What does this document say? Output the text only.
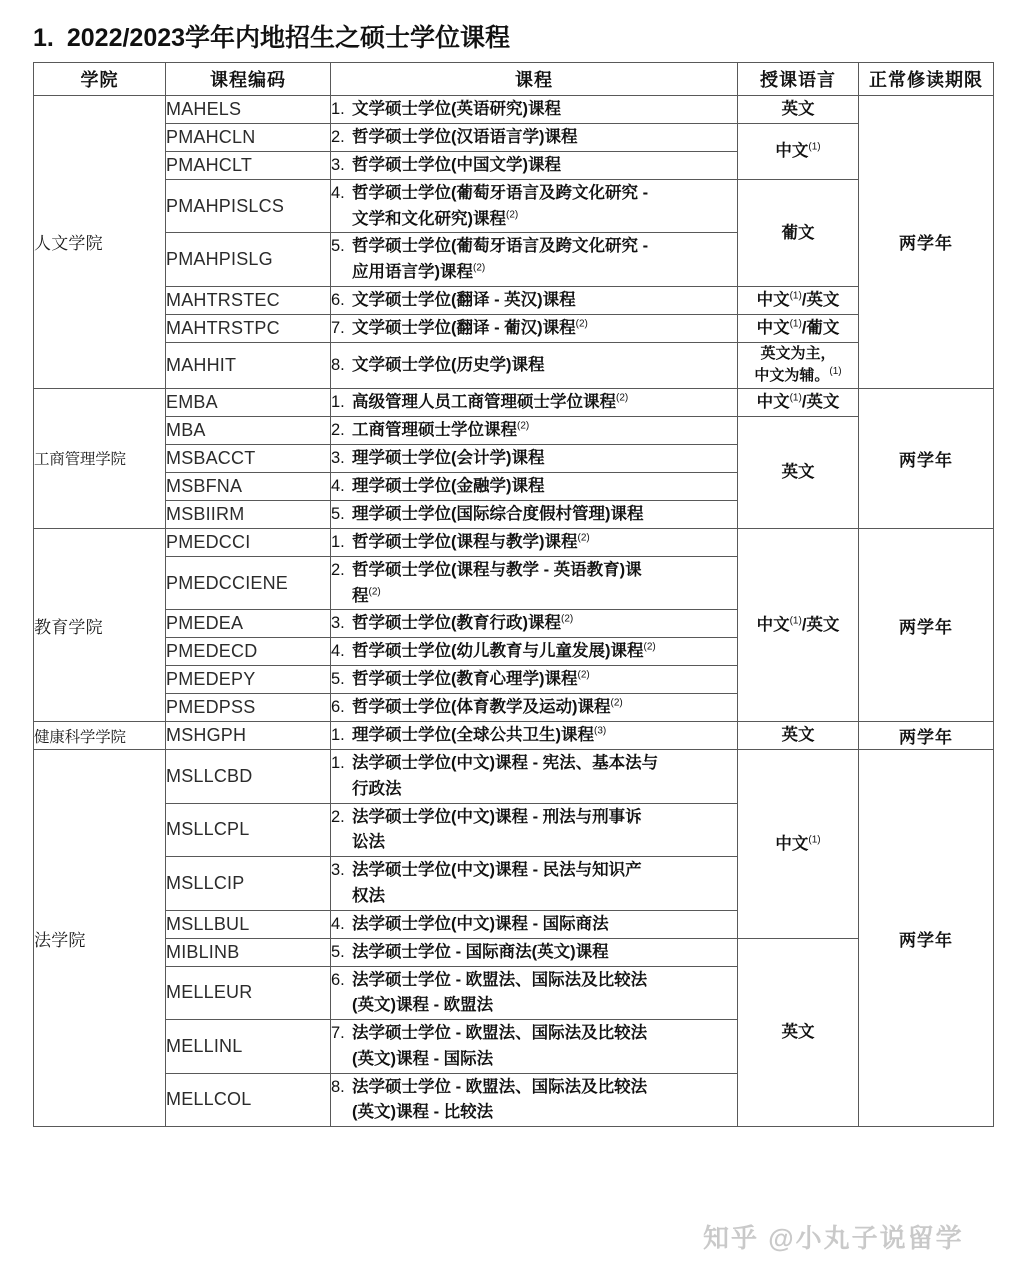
1. 2022/2023学年内地招生之硕士学位课程
学院	课程编码	课程	授课语言	正常修读期限
人文学院	MAHELS	1. 文学硕士学位(英语研究)课程	英文	两学年
	PMAHCLN	2. 哲学硕士学位(汉语语言学)课程	中文$^{(1)}$
	PMAHCLT	3. 哲学硕士学位(中国文学)课程		
	PMAHPISLCS	4. 哲学硕士学位(葡萄牙语言及跨文化研究 -
文学和文化研究)课程$^{(2)}$	葡文	
	PMAHPISLG	5. 哲学硕士学位(葡萄牙语言及跨文化研究 -
应用语言学)课程$^{(2)}$

	MAHTRSTEC	6. 文学硕士学位(翻译 - 英汉)课程	中文$^{(1)}$/英文	
	MAHTRSTPC	7. 文学硕士学位(翻译 - 葡汉)课程$^{(2)}$	中文$^{(1)}$/葡文	
	MAHHIT	8. 文学硕士学位(历史学)课程	英文为主，
中文为辅。$^{(1)}$
工商管理学院	EMBA	1. 高级管理人员工商管理硕士学位课程$^{(2)}$	中文$^{(1)}$/英文	两学年
	MBA	2. 工商管理硕士学位课程$^{(2)}$	英文	
	MSBACCT	3. 理学硕士学位(会计学)课程		
	MSBFNA	4. 理学硕士学位(金融学)课程		
	MSBIIRM	5. 理学硕士学位(国际综合度假村管理)课程		
教育学院	PMEDCCI	1. 哲学硕士学位(课程与教学)课程$^{(2)}$	中文$^{(1)}$/英文	两学年
	PMEDCCIENE	2. 哲学硕士学位(课程与教学 - 英语教育)课
程$^{(2)}$

	PMEDEA	3. 哲学硕士学位(教育行政)课程$^{(2)}$
	PMEDECD	4. 哲学硕士学位(幼儿教育与儿童发展)课程$^{(2)}$
	PMEDEPY	5. 哲学硕士学位(教育心理学)课程$^{(2)}$
	PMEDPSS	6. 哲学硕士学位(体育教学及运动)课程$^{(2)}$
健康科学学院	MSHGPH	1. 理学硕士学位(全球公共卫生)课程$^{(3)}$	英文	两学年
法学院	MSLLCBD	1. 法学硕士学位(中文)课程 - 宪法、基本法与
行政法	中文$^{(1)}$	两学年
	MSLLCPL	2. 法学硕士学位(中文)课程 - 刑法与刑事诉
讼法		

	MSLLCIP	3. 法学硕士学位(中文)课程 - 民法与知识产
权法		

	MSLLBUL	4. 法学硕士学位(中文)课程 - 国际商法		
	MIBLINB	5. 法学硕士学位 - 国际商法(英文)课程	英文	
	MELLEUR	6. 法学硕士学位 - 欧盟法、国际法及比较法
(英文)课程 - 欧盟法		

	MELLINL	7. 法学硕士学位 - 欧盟法、国际法及比较法
(英文)课程 - 国际法		

	MELLCOL	8. 法学硕士学位 - 欧盟法、国际法及比较法
(英文)课程 - 比较法		
知乎 @小丸子说留学
